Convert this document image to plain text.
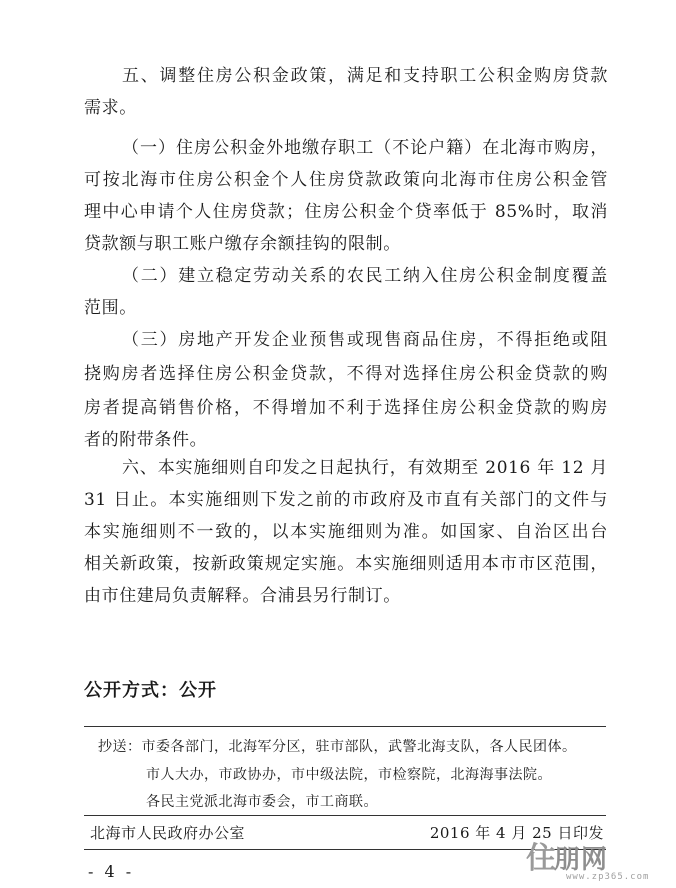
五、调整住房公积金政策，满足和支持职工公积金购房贷款
需求。
（一）住房公积金外地缴存职工（不论户籍）在北海市购房，
可按北海市住房公积金个人住房贷款政策向北海市住房公积金管
理中心申请个人住房贷款；住房公积金个贷率低于 85%时，取消
贷款额与职工账户缴存余额挂钩的限制。
（二）建立稳定劳动关系的农民工纳入住房公积金制度覆盖
范围。
（三）房地产开发企业预售或现售商品住房，不得拒绝或阻
挠购房者选择住房公积金贷款，不得对选择住房公积金贷款的购
房者提高销售价格，不得增加不利于选择住房公积金贷款的购房
者的附带条件。
六、本实施细则自印发之日起执行，有效期至 2016 年 12 月
31 日止。本实施细则下发之前的市政府及市直有关部门的文件与
本实施细则不一致的，以本实施细则为准。如国家、自治区出台
相关新政策，按新政策规定实施。本实施细则适用本市市区范围，
由市住建局负责解释。合浦县另行制订。
公开方式：公开
抄送：市委各部门，北海军分区，驻市部队，武警北海支队，各人民团体。
市人大办，市政协办，市中级法院，市检察院，北海海事法院。
各民主党派北海市委会，市工商联。
北海市人民政府办公室	2016 年 4 月 25 日印发
- 4 -	住
朋网
www.zp365.com
